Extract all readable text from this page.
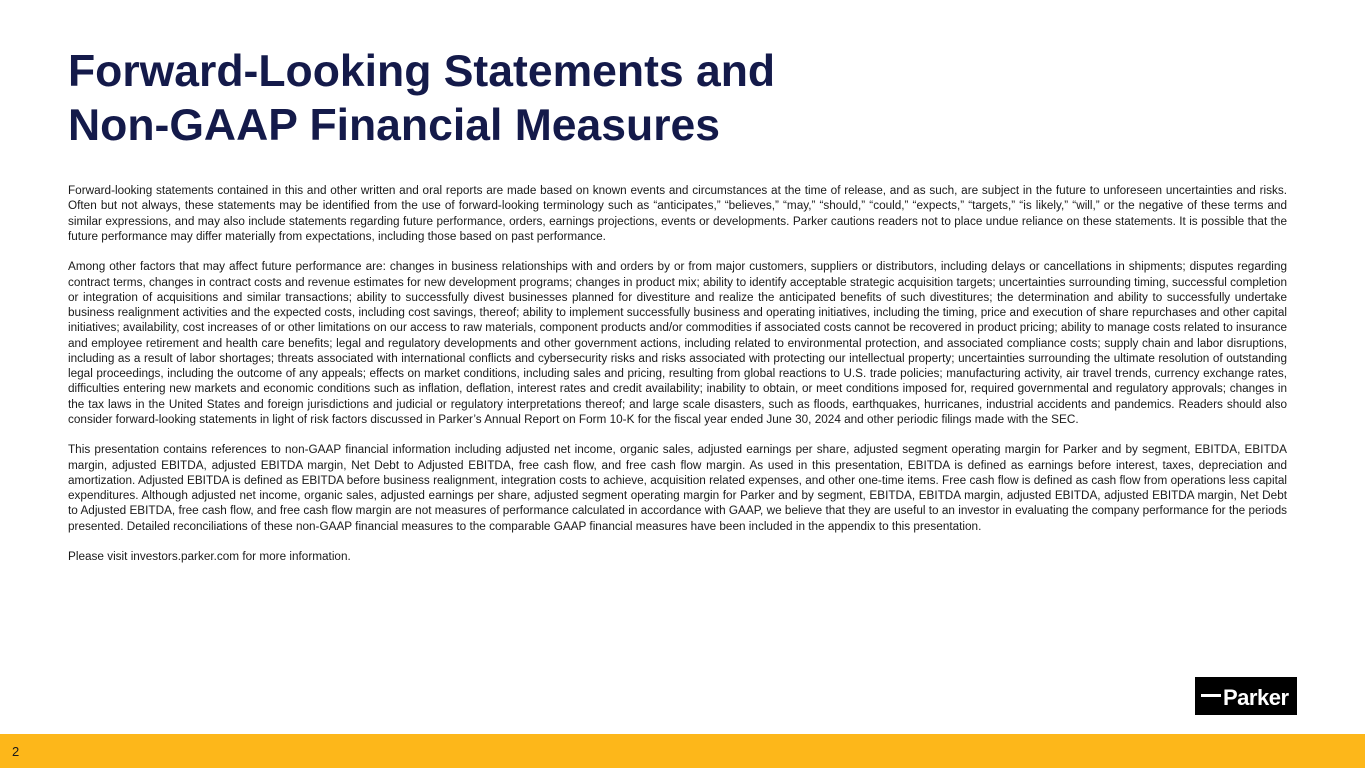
Forward-Looking Statements and
Non-GAAP Financial Measures

Forward-looking statements contained in this and other written and oral reports are made based on known events and circumstances at the time of release, and as such, are subject in the future to unforeseen uncertainties and risks. Often but not always, these statements may be identified from the use of forward-looking terminology such as “anticipates,” “believes,” “may,” “should,” “could,” “expects,” “targets,” “is likely,” “will,” or the negative of these terms and similar expressions, and may also include statements regarding future performance, orders, earnings projections, events or developments. Parker cautions readers not to place undue reliance on these statements. It is possible that the future performance may differ materially from expectations, including those based on past performance.

Among other factors that may affect future performance are: changes in business relationships with and orders by or from major customers, suppliers or distributors, including delays or cancellations in shipments; disputes regarding contract terms, changes in contract costs and revenue estimates for new development programs; changes in product mix; ability to identify acceptable strategic acquisition targets; uncertainties surrounding timing, successful completion or integration of acquisitions and similar transactions; ability to successfully divest businesses planned for divestiture and realize the anticipated benefits of such divestitures; the determination and ability to successfully undertake business realignment activities and the expected costs, including cost savings, thereof; ability to implement successfully business and operating initiatives, including the timing, price and execution of share repurchases and other capital initiatives; availability, cost increases of or other limitations on our access to raw materials, component products and/or commodities if associated costs cannot be recovered in product pricing; ability to manage costs related to insurance and employee retirement and health care benefits; legal and regulatory developments and other government actions, including related to environmental protection, and associated compliance costs; supply chain and labor disruptions, including as a result of labor shortages; threats associated with international conflicts and cybersecurity risks and risks associated with protecting our intellectual property; uncertainties surrounding the ultimate resolution of outstanding legal proceedings, including the outcome of any appeals; effects on market conditions, including sales and pricing, resulting from global reactions to U.S. trade policies; manufacturing activity, air travel trends, currency exchange rates, difficulties entering new markets and economic conditions such as inflation, deflation, interest rates and credit availability; inability to obtain, or meet conditions imposed for, required governmental and regulatory approvals; changes in the tax laws in the United States and foreign jurisdictions and judicial or regulatory interpretations thereof; and large scale disasters, such as floods, earthquakes, hurricanes, industrial accidents and pandemics. Readers should also consider forward-looking statements in light of risk factors discussed in Parker’s Annual Report on Form 10-K for the fiscal year ended June 30, 2024 and other periodic filings made with the SEC.

This presentation contains references to non-GAAP financial information including adjusted net income, organic sales, adjusted earnings per share, adjusted segment operating margin for Parker and by segment, EBITDA, EBITDA margin, adjusted EBITDA, adjusted EBITDA margin, Net Debt to Adjusted EBITDA, free cash flow, and free cash flow margin. As used in this presentation, EBITDA is defined as earnings before interest, taxes, depreciation and amortization. Adjusted EBITDA is defined as EBITDA before business realignment, integration costs to achieve, acquisition related expenses, and other one-time items. Free cash flow is defined as cash flow from operations less capital expenditures. Although adjusted net income, organic sales, adjusted earnings per share, adjusted segment operating margin for Parker and by segment, EBITDA, EBITDA margin, adjusted EBITDA, adjusted EBITDA margin, Net Debt to Adjusted EBITDA, free cash flow, and free cash flow margin are not measures of performance calculated in accordance with GAAP, we believe that they are useful to an investor in evaluating the company performance for the periods presented. Detailed reconciliations of these non-GAAP financial measures to the comparable GAAP financial measures have been included in the appendix to this presentation.

Please visit investors.parker.com for more information.

Parker
2
